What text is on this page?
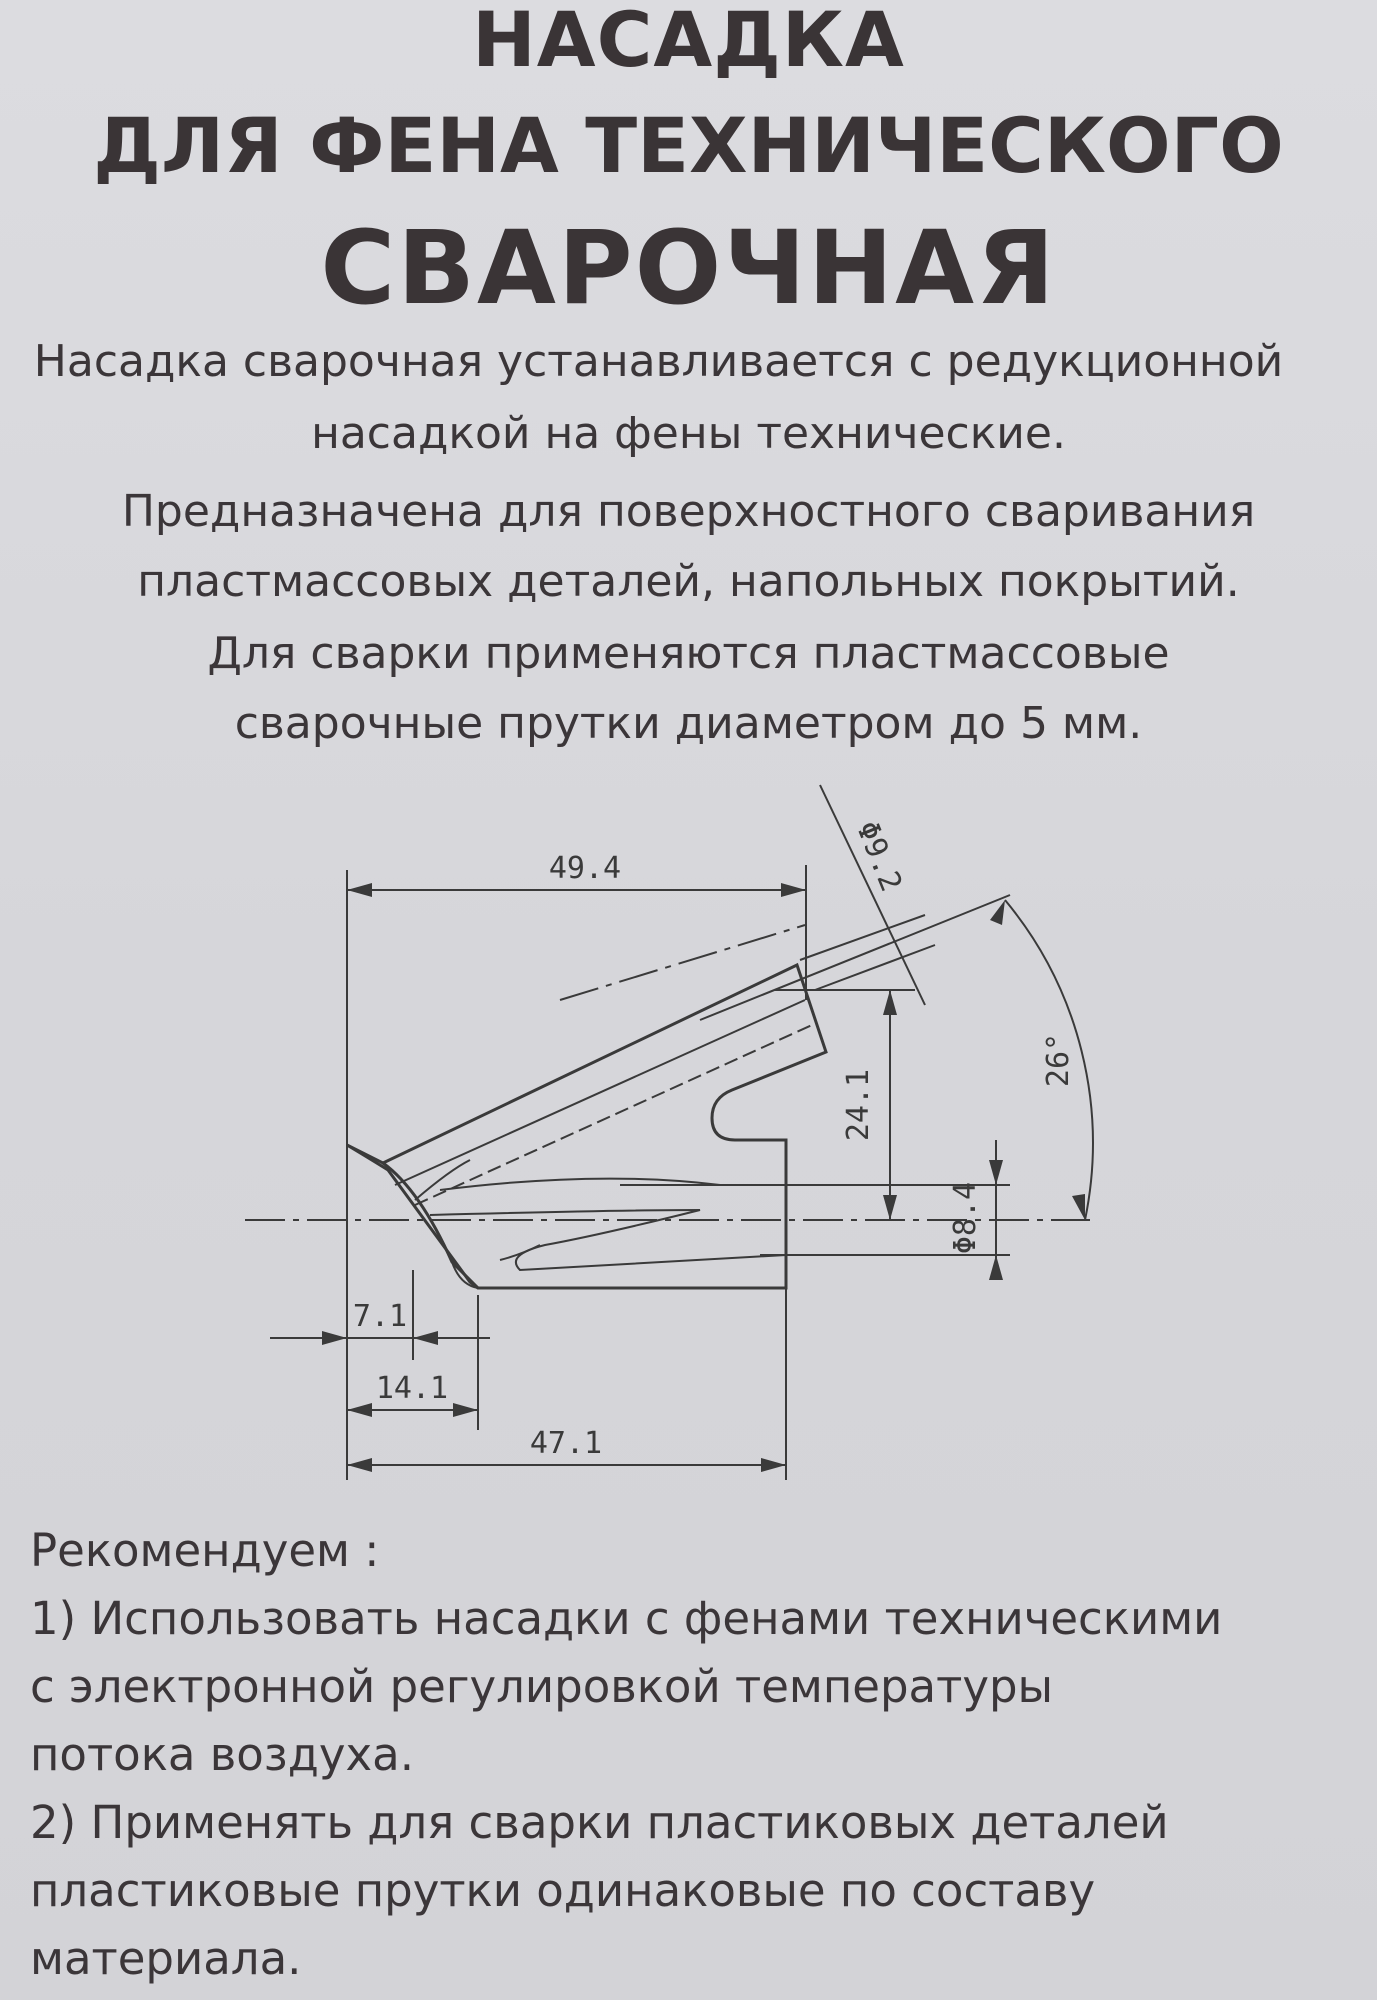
НАСАДКА
ДЛЯ ФЕНА ТЕХНИЧЕСКОГО
СВАРОЧНАЯ

Насадка сварочная устанавливается с редукционной

насадкой на фены технические.

Предназначена для поверхностного сваривания

пластмассовых деталей, напольных покрытий.

Для сварки применяются пластмассовые

сварочные прутки диаметром до 5 мм.

49.4
24.1
Φ8.4
26°
Φ9.2
7.1
14.1
47.1

Рекомендуем :

1) Использовать насадки с фенами техническими

с электронной регулировкой температуры

потока воздуха.

2) Применять для сварки пластиковых деталей

пластиковые прутки одинаковые по составу

материала.
